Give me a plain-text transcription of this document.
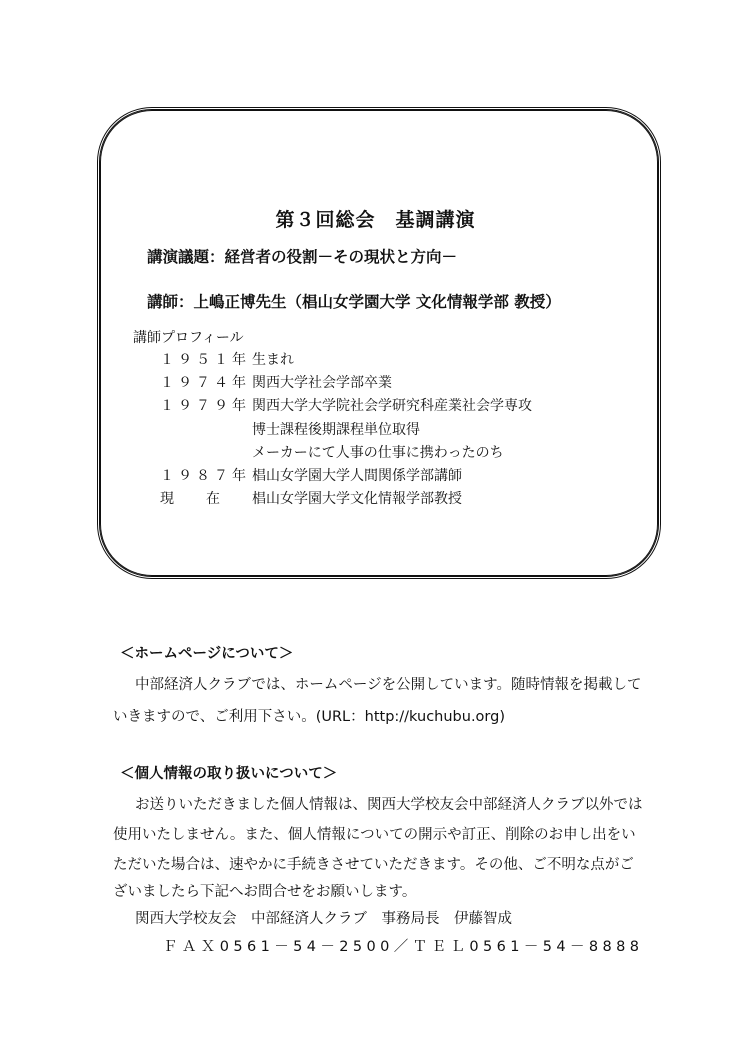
第３回総会　基調講演
講演議題：経営者の役割－その現状と方向－
講師：上嶋正博先生（椙山女学園大学 文化情報学部 教授）
講師プロフィール
１９５１年 生まれ
１９７４年 関西大学社会学部卒業
１９７９年 関西大学大学院社会学研究科産業社会学専攻
博士課程後期課程単位取得
メーカーにて人事の仕事に携わったのち
１９８７年 椙山女学園大学人間関係学部講師
現 在 椙山女学園大学文化情報学部教授
＜ホームページについて＞
中部経済人クラブでは、ホームページを公開しています。随時情報を掲載して
いきますので、ご利用下さい。(URL：http://kuchubu.org)
＜個人情報の取り扱いについて＞
お送りいただきました個人情報は、関西大学校友会中部経済人クラブ以外では
使用いたしません。また、個人情報についての開示や訂正、削除のお申し出をい
ただいた場合は、速やかに手続きさせていただきます。その他、ご不明な点がご
ざいましたら下記へお問合せをお願いします。
関西大学校友会　中部経済人クラブ　事務局長　伊藤智成
ＦＡＸ0561－54－2500／ＴＥＬ0561－54－8888
